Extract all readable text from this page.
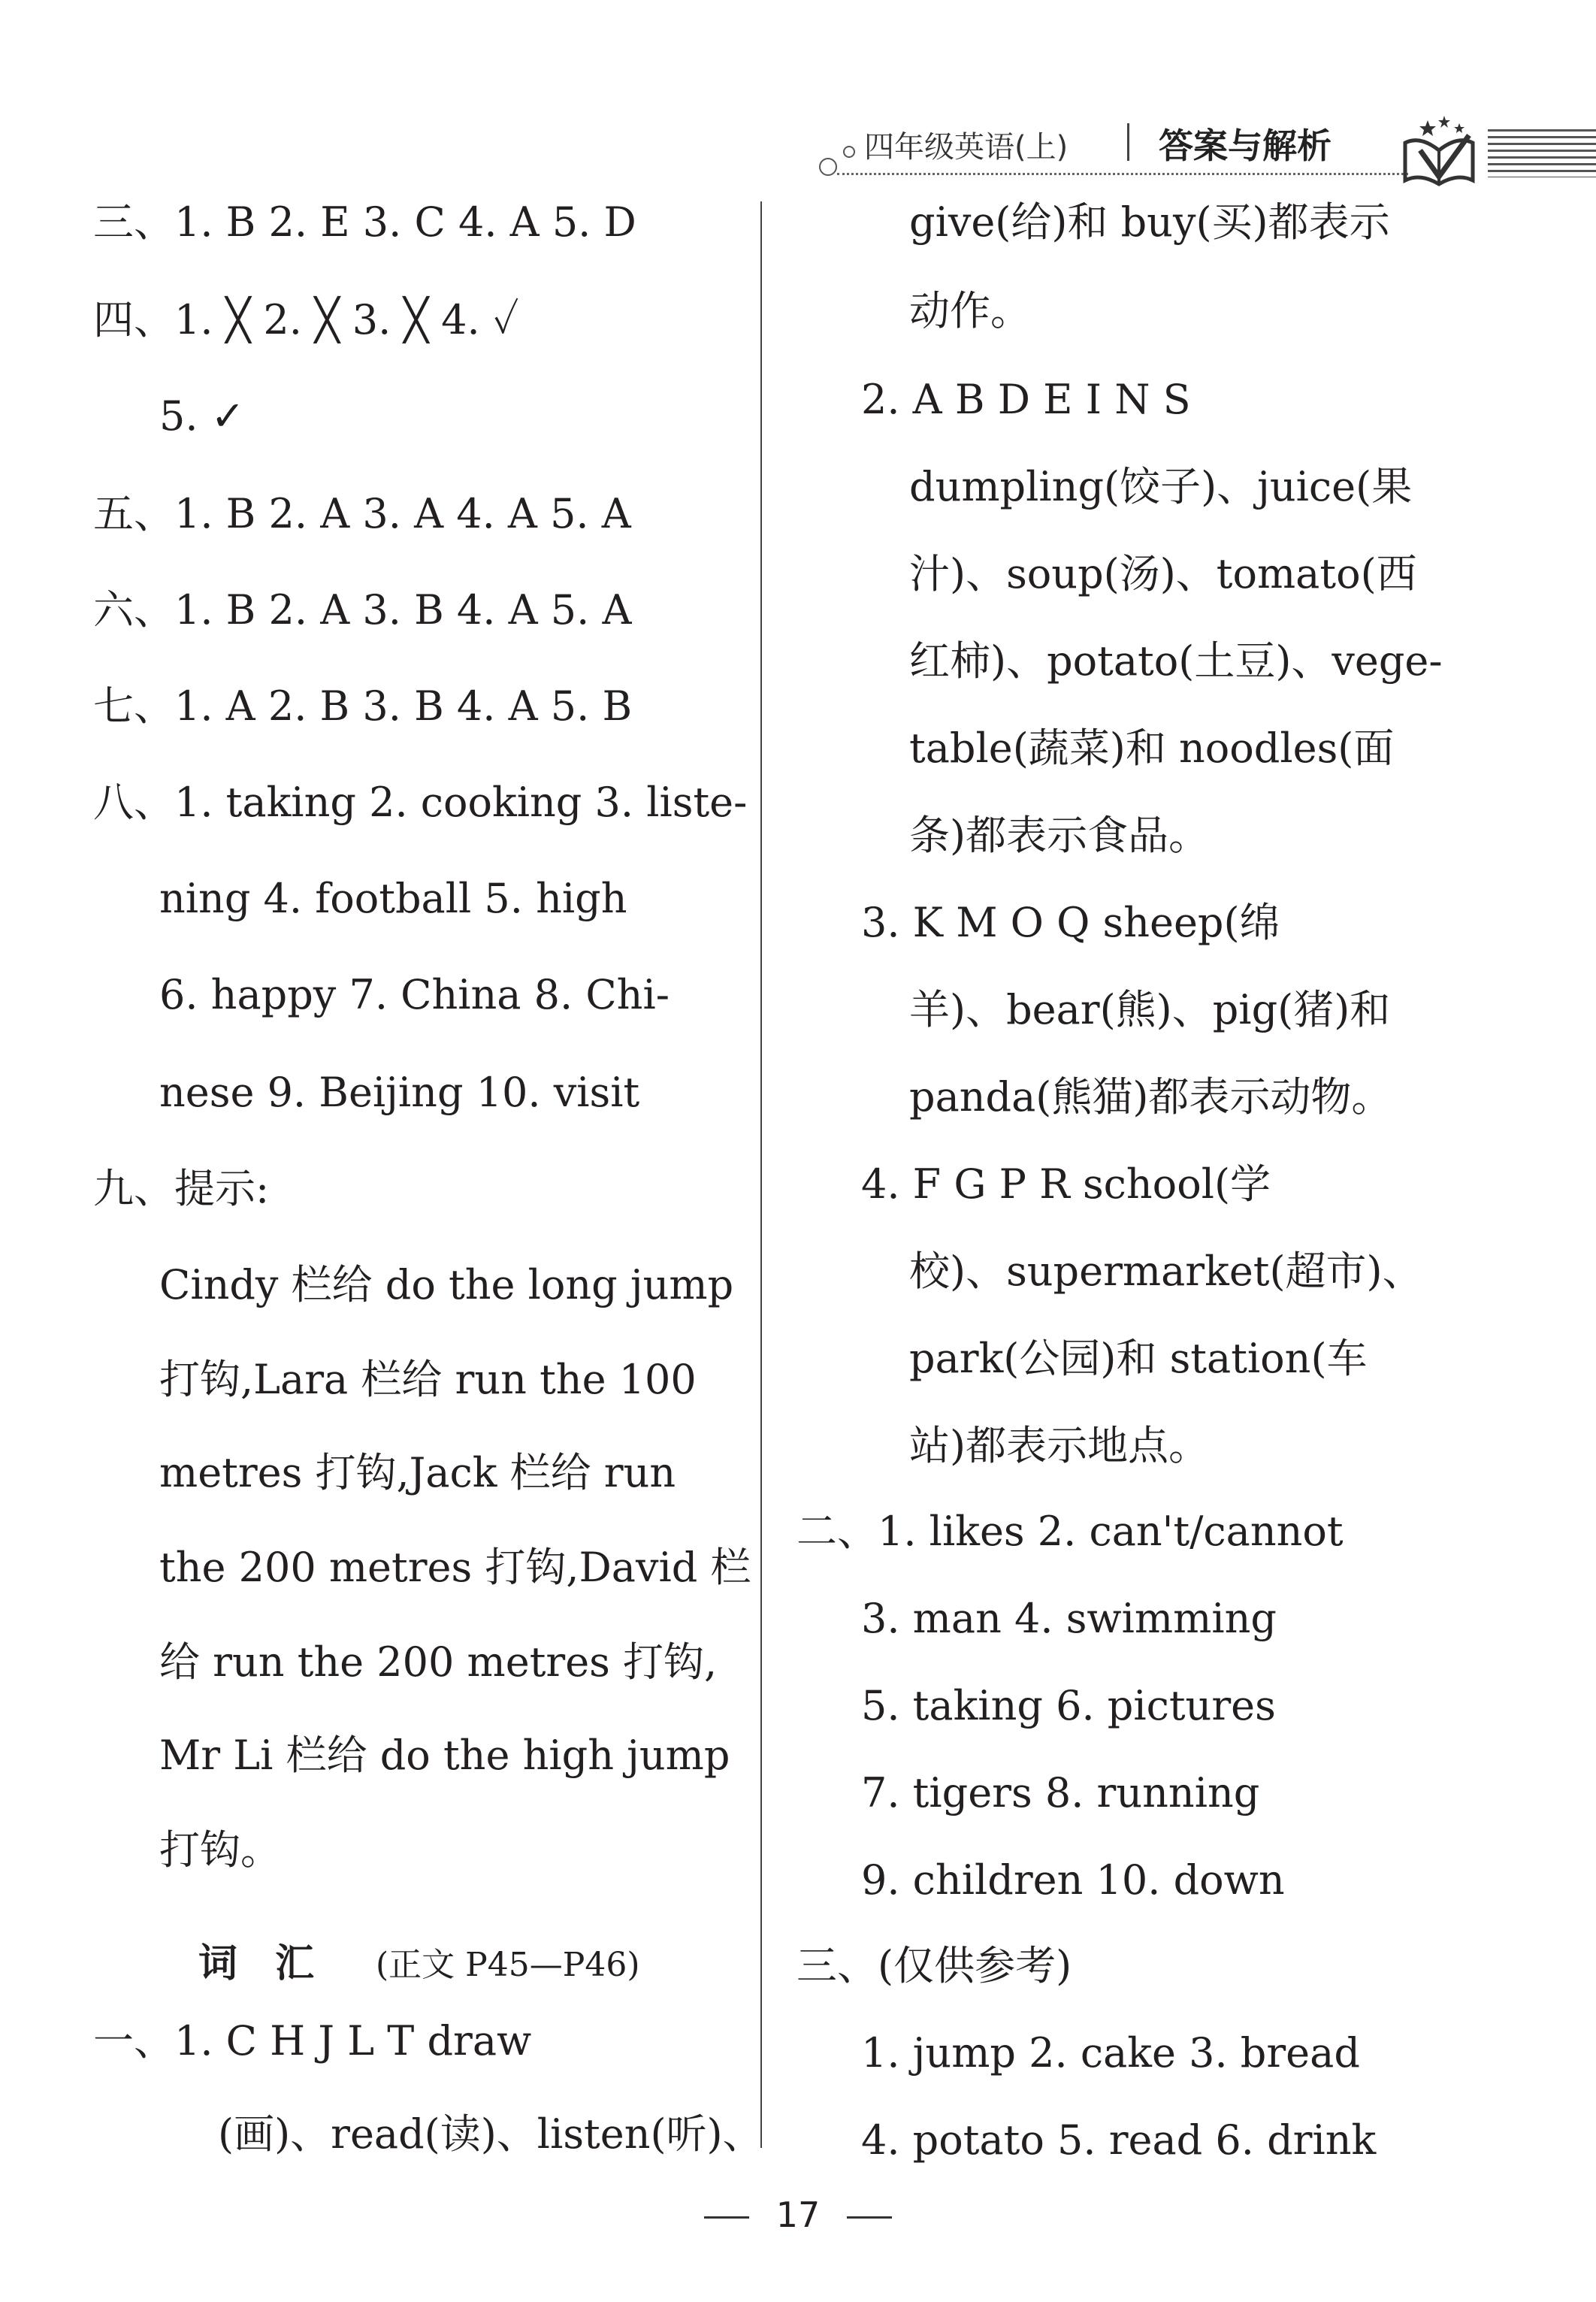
四年级英语(上)	答案与解析
三、1. B 2. E 3. C 4. A 5. D
四、1. ╳ 2. ╳ 3. ╳ 4. ✓
5. ✓
五、1. B 2. A 3. A 4. A 5. A
六、1. B 2. A 3. B 4. A 5. A
七、1. A 2. B 3. B 4. A 5. B
八、1. taking 2. cooking 3. liste-
ning 4. football 5. high
6. happy 7. China 8. Chi-
nese 9. Beijing 10. visit
九、提示:
Cindy 栏给 do the long jump
打钩,Lara 栏给 run the 100
metres 打钩,Jack 栏给 run
the 200 metres 打钩,David 栏
给 run the 200 metres 打钩,
Mr Li 栏给 do the high jump
打钩。
词汇 (正文 P45—P46)
一、1. C H J L T draw
(画)、read(读)、listen(听)、
give(给)和 buy(买)都表示
动作。
2. A B D E I N S
dumpling(饺子)、juice(果
汁)、soup(汤)、tomato(西
红柿)、potato(土豆)、vege-
table(蔬菜)和 noodles(面
条)都表示食品。
3. K M O Q sheep(绵
羊)、bear(熊)、pig(猪)和
panda(熊猫)都表示动物。
4. F G P R school(学
校)、supermarket(超市)、
park(公园)和 station(车
站)都表示地点。
二、1. likes 2. can't/cannot
3. man 4. swimming
5. taking 6. pictures
7. tigers 8. running
9. children 10. down
三、(仅供参考)
1. jump 2. cake 3. bread
4. potato 5. read 6. drink
17
